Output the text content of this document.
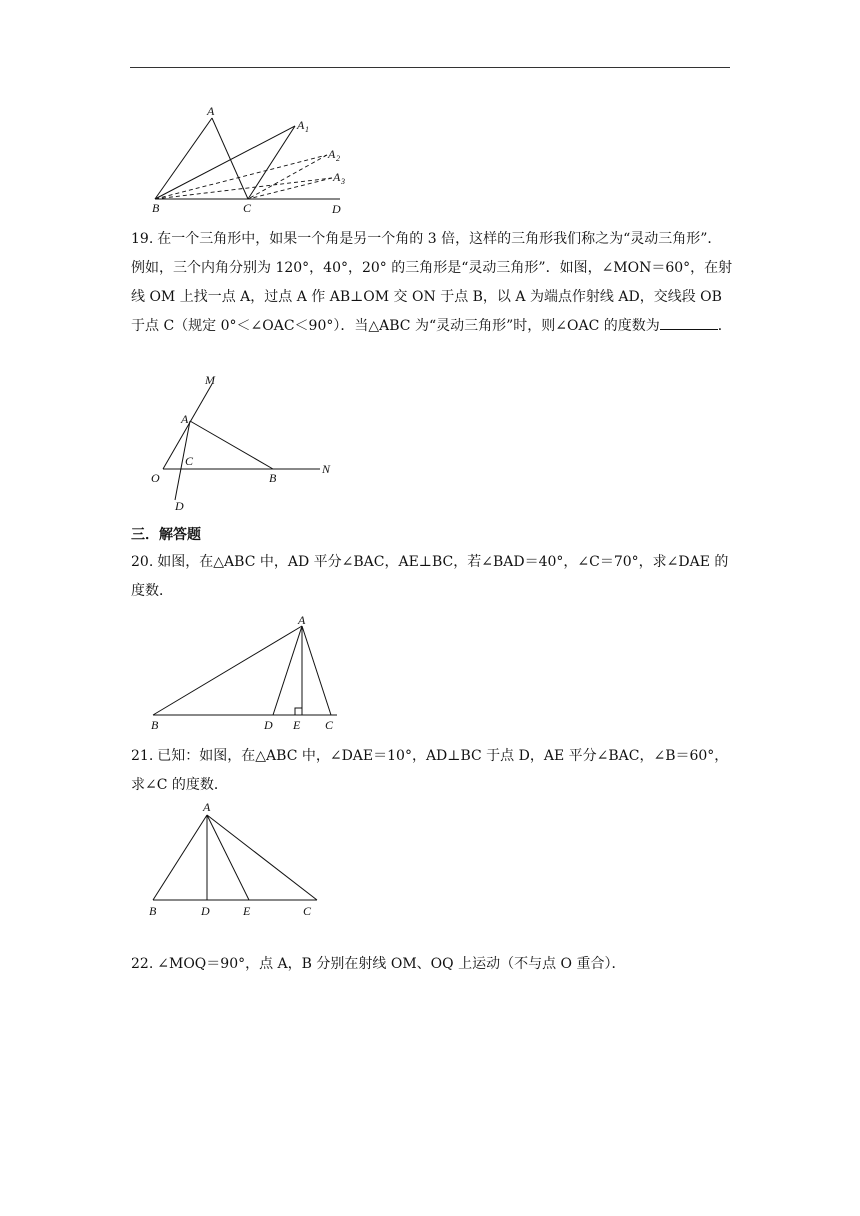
A
A 1
A 2
A 3
B	C	D
19. 在一个三角形中，如果一个角是另一个角的 3 倍，这样的三角形我们称之为“灵动三角形”．例如，三个内角分别为 120°，40°，20° 的三角形是“灵动三角形”．如图，∠MON＝60°，在射线 OM 上找一点 A，过点 A 作 AB⊥OM 交 ON 于点 B，以 A 为端点作射线 AD，交线段 OB 于点 C（规定 0°＜∠OAC＜90°）．当△ABC 为“灵动三角形”时，则∠OAC 的度数为	．
M
A
C
O	B
N
D
三．解答题
20. 如图，在△ABC 中，AD 平分∠BAC，AE⊥BC，若∠BAD＝40°，∠C＝70°，求∠DAE 的度数．
A
B	D E C
21. 已知：如图，在△ABC 中，∠DAE＝10°，AD⊥BC 于点 D，AE 平分∠BAC，∠B＝60°，求∠C 的度数．
A
B	D	E	C
22. ∠MOQ＝90°，点 A，B 分别在射线 OM、OQ 上运动（不与点 O 重合）．
